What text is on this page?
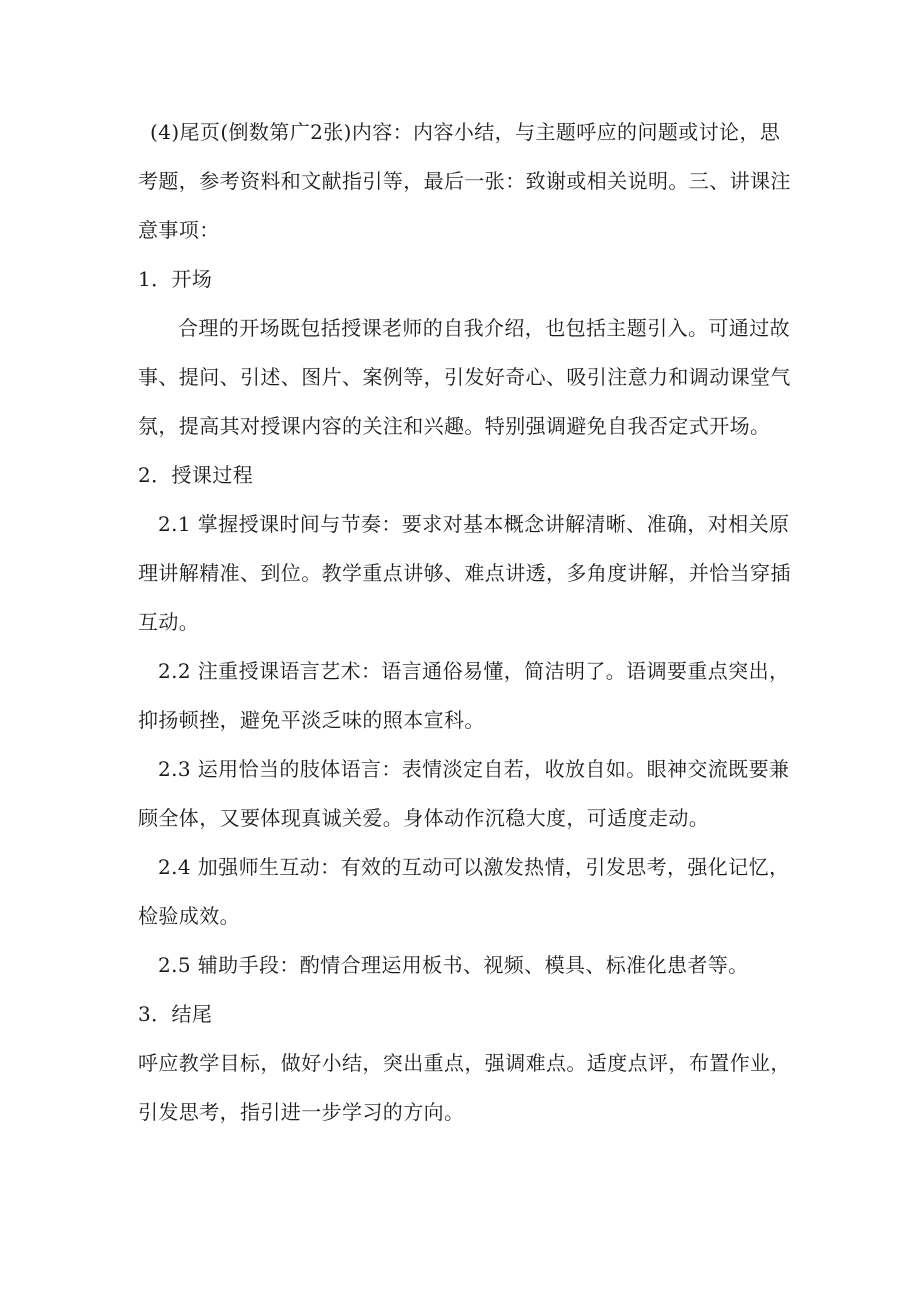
(4)尾页(倒数第广2张)内容：内容小结，与主题呼应的问题或讨论，思
考题，参考资料和文献指引等，最后一张：致谢或相关说明。三、讲课注
意事项：
1．开场
合理的开场既包括授课老师的自我介绍，也包括主题引入。可通过故
事、提问、引述、图片、案例等，引发好奇心、吸引注意力和调动课堂气
氛，提高其对授课内容的关注和兴趣。特别强调避免自我否定式开场。
2．授课过程
2.1 掌握授课时间与节奏：要求对基本概念讲解清晰、准确，对相关原
理讲解精准、到位。教学重点讲够、难点讲透，多角度讲解，并恰当穿插
互动。
2.2 注重授课语言艺术：语言通俗易懂，简洁明了。语调要重点突出，
抑扬顿挫，避免平淡乏味的照本宣科。
2.3 运用恰当的肢体语言：表情淡定自若，收放自如。眼神交流既要兼
顾全体，又要体现真诚关爱。身体动作沉稳大度，可适度走动。
2.4 加强师生互动：有效的互动可以激发热情，引发思考，强化记忆，
检验成效。
2.5 辅助手段：酌情合理运用板书、视频、模具、标准化患者等。
3．结尾
呼应教学目标，做好小结，突出重点，强调难点。适度点评，布置作业，
引发思考，指引进一步学习的方向。
